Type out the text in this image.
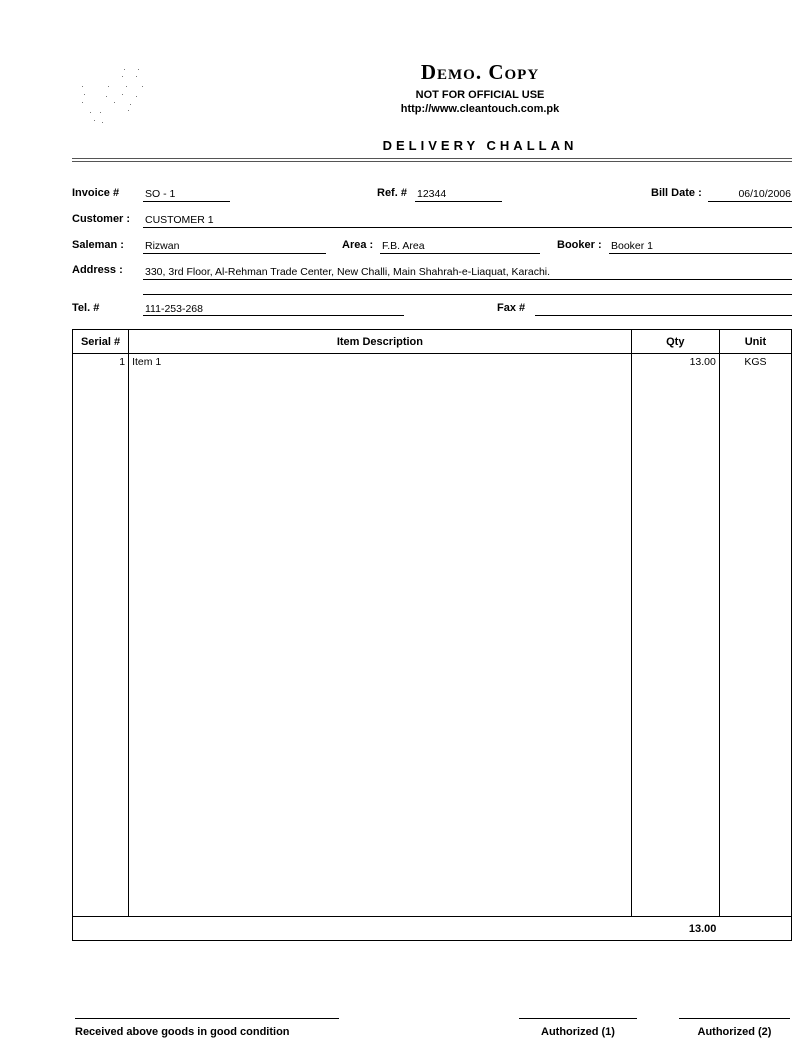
Demo. Copy
NOT FOR OFFICIAL USE
http://www.cleantouch.com.pk
DELIVERY CHALLAN
Invoice # SO - 1	Ref. # 12344	Bill Date :	06/10/2006
Customer : CUSTOMER 1
Saleman : Rizwan	Area : F.B. Area	Booker : Booker 1
Address : 330, 3rd Floor, Al-Rehman Trade Center, New Challi, Main Shahrah-e-Liaquat, Karachi.
Tel. #	111-253-268	Fax #
Serial #	Item Description	Qty	Unit
1	Item 1	13.00	KGS

		13.00	
Received above goods in good condition	Authorized (1)	Authorized (2)
